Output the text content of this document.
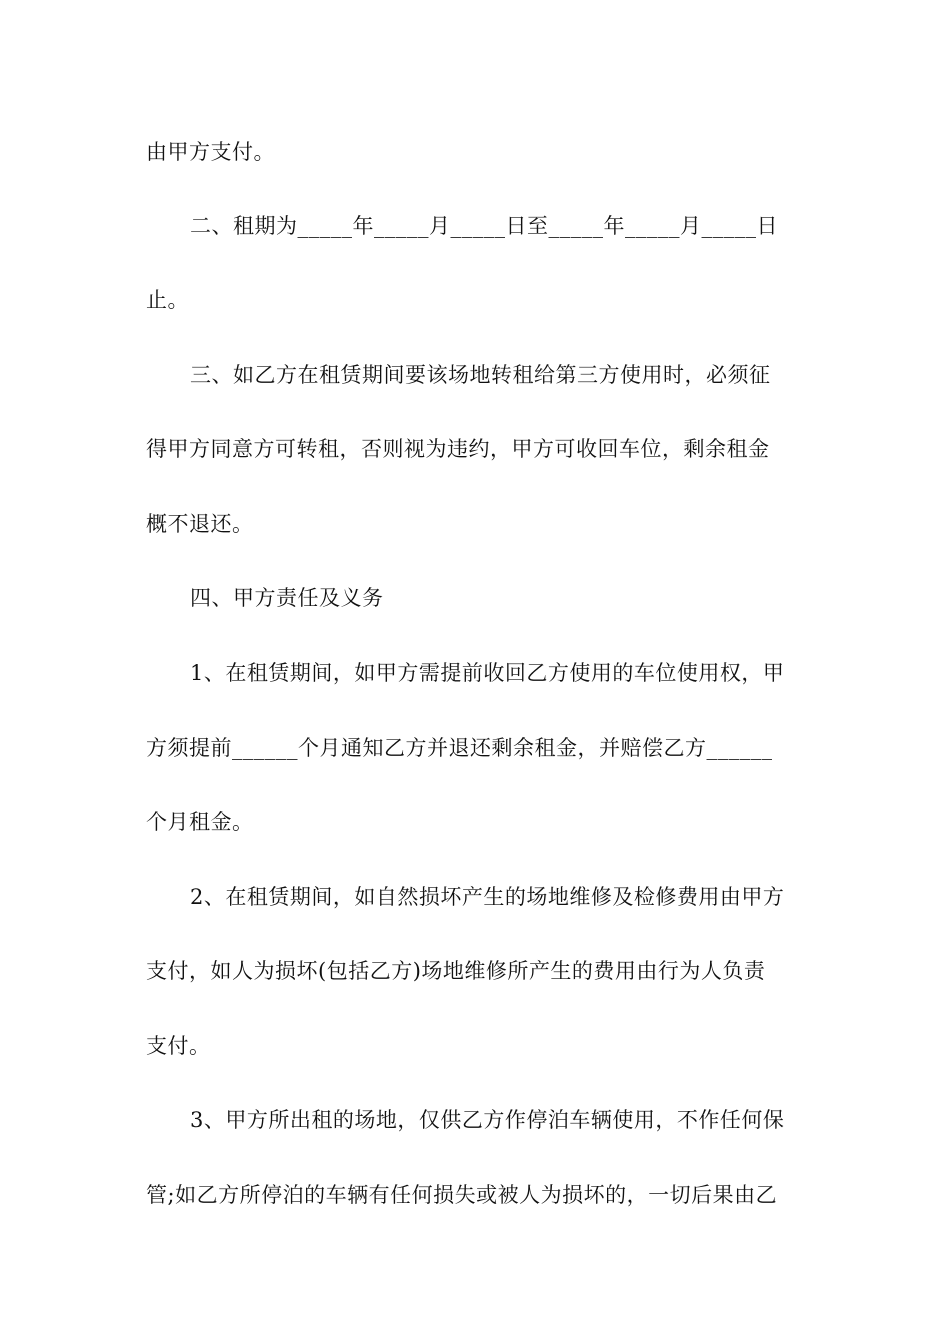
由甲方支付。
二、租期为_____年_____月_____日至_____年_____月_____日
止。
三、如乙方在租赁期间要该场地转租给第三方使用时，必须征
得甲方同意方可转租，否则视为违约，甲方可收回车位，剩余租金
概不退还。
四、甲方责任及义务
1、在租赁期间，如甲方需提前收回乙方使用的车位使用权，甲
方须提前______个月通知乙方并退还剩余租金，并赔偿乙方______
个月租金。
2、在租赁期间，如自然损坏产生的场地维修及检修费用由甲方
支付，如人为损坏(包括乙方)场地维修所产生的费用由行为人负责
支付。
3、甲方所出租的场地，仅供乙方作停泊车辆使用，不作任何保
管;如乙方所停泊的车辆有任何损失或被人为损坏的，一切后果由乙
